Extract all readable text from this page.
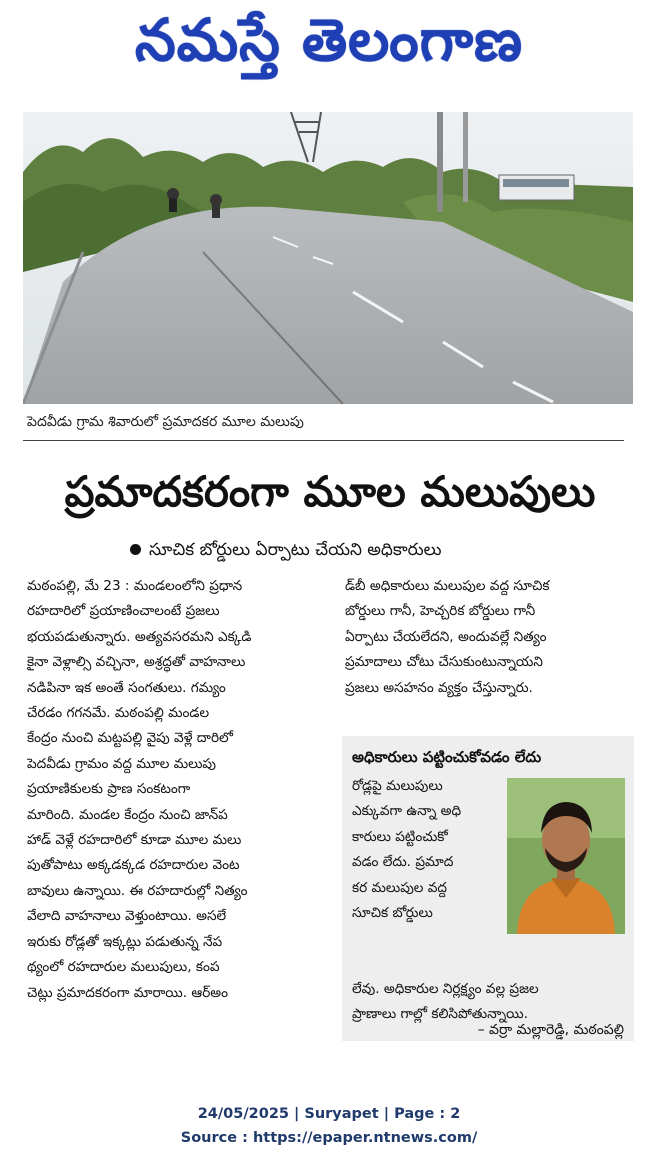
నమస్తే తెలంగాణ
పెదవీడు గ్రామ శివారులో ప్రమాదకర మూల మలుపు
ప్రమాదకరంగా మూల మలుపులు
సూచిక బోర్డులు ఏర్పాటు చేయని అధికారులు
మఠంపల్లి, మే 23 : మండలంలోని ప్రధాన
రహదారిలో ప్రయాణించాలంటే ప్రజలు
భయపడుతున్నారు. అత్యవసరమని ఎక్కడి
కైనా వెళ్లాల్సి వచ్చినా, అశ్రద్ధతో వాహనాలు
నడిపినా ఇక అంతే సంగతులు. గమ్యం
చేరడం గగనమే. మఠంపల్లి మండల
కేంద్రం నుంచి మట్టపల్లి వైపు వెళ్లే దారిలో
పెదవీడు గ్రామం వద్ద మూల మలుపు
ప్రయాణికులకు ప్రాణ సంకటంగా
మారింది. మండల కేంద్రం నుంచి జాన్‌ప
హాడ్ వెళ్లే రహదారిలో కూడా మూల మలు
పుతోపాటు అక్కడక్కడ రహదారుల వెంట
బావులు ఉన్నాయి. ఈ రహదారుల్లో నిత్యం
వేలాది వాహనాలు వెళ్తుంటాయి. అసలే
ఇరుకు రోడ్లతో ఇక్కట్లు పడుతున్న నేప
థ్యంలో రహదారుల మలుపులు, కంప
చెట్లు ప్రమాదకరంగా మారాయి. ఆర్అం
డ్‌బీ అధికారులు మలుపుల వద్ద సూచిక
బోర్డులు గానీ, హెచ్చరిక బోర్డులు గానీ
ఏర్పాటు చేయలేదని, అందువల్లే నిత్యం
ప్రమాదాలు చోటు చేసుకుంటున్నాయని
ప్రజలు అసహనం వ్యక్తం చేస్తున్నారు.
అధికారులు పట్టించుకోవడం లేదు
రోడ్లపై మలుపులు
ఎక్కువగా ఉన్నా అధి
కారులు పట్టించుకో
వడం లేదు. ప్రమాద
కర మలుపుల వద్ద
సూచిక బోర్డులు
లేవు. అధికారుల నిర్లక్ష్యం వల్ల ప్రజల
ప్రాణాలు గాల్లో కలిసిపోతున్నాయి.
– వర్రా మల్లారెడ్డి, మఠంపల్లి
24/05/2025 | Suryapet | Page : 2
Source : https://epaper.ntnews.com/
